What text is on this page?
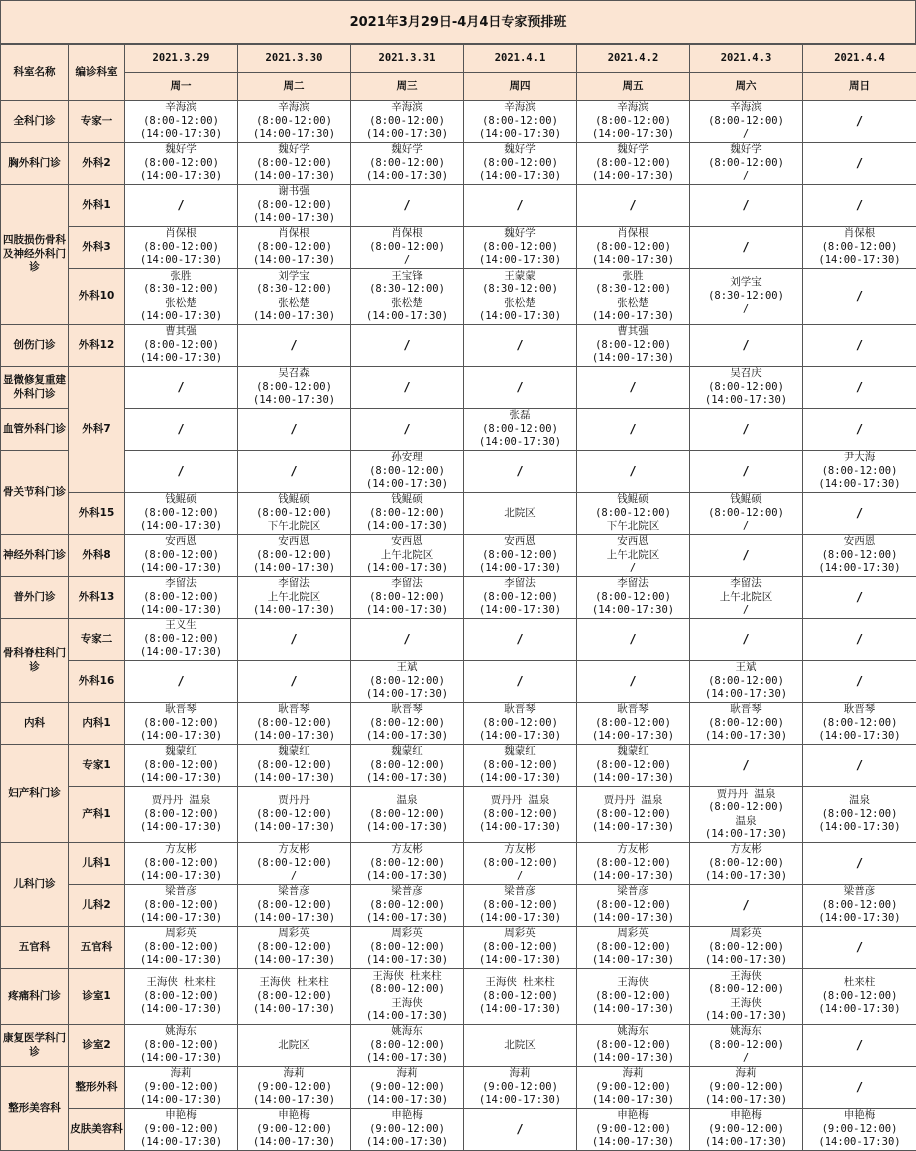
2021年3月29日-4月4日专家预排班
科室名称	编诊科室	2021.3.29	2021.3.30	2021.3.31	2021.4.1	2021.4.2	2021.4.3	2021.4.4
		周一	周二	周三	周四	周五	周六	周日
全科门诊	专家一	辛海滨
(8:00-12:00)
(14:00-17:30)	辛海滨
(8:00-12:00)
(14:00-17:30)	辛海滨
(8:00-12:00)
(14:00-17:30)	辛海滨
(8:00-12:00)
(14:00-17:30)	辛海滨
(8:00-12:00)
(14:00-17:30)	辛海滨
(8:00-12:00)
/	/
胸外科门诊	外科2	魏好学
(8:00-12:00)
(14:00-17:30)	魏好学
(8:00-12:00)
(14:00-17:30)	魏好学
(8:00-12:00)
(14:00-17:30)	魏好学
(8:00-12:00)
(14:00-17:30)	魏好学
(8:00-12:00)
(14:00-17:30)	魏好学
(8:00-12:00)
/	/
四肢损伤骨科及神经外科门诊	外科1	/	谢书强
(8:00-12:00)
(14:00-17:30)	/	/	/	/	/
	外科3	肖保根
(8:00-12:00)
(14:00-17:30)	肖保根
(8:00-12:00)
(14:00-17:30)	肖保根
(8:00-12:00)
/	魏好学
(8:00-12:00)
(14:00-17:30)	肖保根
(8:00-12:00)
(14:00-17:30)	/	肖保根
(8:00-12:00)
(14:00-17:30)
	外科10	张胜
(8:30-12:00)
张松楚
(14:00-17:30)	刘学宝
(8:30-12:00)
张松楚
(14:00-17:30)	王宝锋
(8:30-12:00)
张松楚
(14:00-17:30)	王蒙蒙
(8:30-12:00)
张松楚
(14:00-17:30)	张胜
(8:30-12:00)
张松楚
(14:00-17:30)	刘学宝
(8:30-12:00)
/	/
创伤门诊	外科12	曹其强
(8:00-12:00)
(14:00-17:30)	/	/	/	曹其强
(8:00-12:00)
(14:00-17:30)	/	/
显微修复重建外科门诊	外科7	/	吴召森
(8:00-12:00)
(14:00-17:30)	/	/	/	吴召庆
(8:00-12:00)
(14:00-17:30)	/
血管外科门诊		/	/	/	张磊
(8:00-12:00)
(14:00-17:30)	/	/	/
骨关节科门诊		/	/	孙安理
(8:00-12:00)
(14:00-17:30)	/	/	/	尹大海
(8:00-12:00)
(14:00-17:30)
	外科15	钱鲲硕
(8:00-12:00)
(14:00-17:30)	钱鲲硕
(8:00-12:00)
下午北院区	钱鲲硕
(8:00-12:00)
(14:00-17:30)	北院区	钱鲲硕
(8:00-12:00)
下午北院区	钱鲲硕
(8:00-12:00)
/	/
神经外科门诊	外科8	安西恩
(8:00-12:00)
(14:00-17:30)	安西恩
(8:00-12:00)
(14:00-17:30)	安西恩
上午北院区
(14:00-17:30)	安西恩
(8:00-12:00)
(14:00-17:30)	安西恩
上午北院区
/	/	安西恩
(8:00-12:00)
(14:00-17:30)
普外门诊	外科13	李留法
(8:00-12:00)
(14:00-17:30)	李留法
上午北院区
(14:00-17:30)	李留法
(8:00-12:00)
(14:00-17:30)	李留法
(8:00-12:00)
(14:00-17:30)	李留法
(8:00-12:00)
(14:00-17:30)	李留法
上午北院区
/	/
骨科脊柱科门诊	专家二	王义生
(8:00-12:00)
(14:00-17:30)	/	/	/	/	/	/
	外科16	/	/	王斌
(8:00-12:00)
(14:00-17:30)	/	/	王斌
(8:00-12:00)
(14:00-17:30)	/
内科	内科1	耿晋琴
(8:00-12:00)
(14:00-17:30)	耿晋琴
(8:00-12:00)
(14:00-17:30)	耿晋琴
(8:00-12:00)
(14:00-17:30)	耿晋琴
(8:00-12:00)
(14:00-17:30)	耿晋琴
(8:00-12:00)
(14:00-17:30)	耿晋琴
(8:00-12:00)
(14:00-17:30)	耿晋琴
(8:00-12:00)
(14:00-17:30)
妇产科门诊	专家1	魏蒙红
(8:00-12:00)
(14:00-17:30)	魏蒙红
(8:00-12:00)
(14:00-17:30)	魏蒙红
(8:00-12:00)
(14:00-17:30)	魏蒙红
(8:00-12:00)
(14:00-17:30)	魏蒙红
(8:00-12:00)
(14:00-17:30)	/	/
	产科1	贾丹丹 温泉
(8:00-12:00)
(14:00-17:30)	贾丹丹
(8:00-12:00)
(14:00-17:30)	温泉
(8:00-12:00)
(14:00-17:30)	贾丹丹 温泉
(8:00-12:00)
(14:00-17:30)	贾丹丹 温泉
(8:00-12:00)
(14:00-17:30)	贾丹丹 温泉
(8:00-12:00)
温泉
(14:00-17:30)	温泉
(8:00-12:00)
(14:00-17:30)
儿科门诊	儿科1	方友彬
(8:00-12:00)
(14:00-17:30)	方友彬
(8:00-12:00)
/	方友彬
(8:00-12:00)
(14:00-17:30)	方友彬
(8:00-12:00)
/	方友彬
(8:00-12:00)
(14:00-17:30)	方友彬
(8:00-12:00)
(14:00-17:30)	/
	儿科2	梁普彦
(8:00-12:00)
(14:00-17:30)	梁普彦
(8:00-12:00)
(14:00-17:30)	梁普彦
(8:00-12:00)
(14:00-17:30)	梁普彦
(8:00-12:00)
(14:00-17:30)	梁普彦
(8:00-12:00)
(14:00-17:30)	/	梁普彦
(8:00-12:00)
(14:00-17:30)
五官科	五官科	周彩英
(8:00-12:00)
(14:00-17:30)	周彩英
(8:00-12:00)
(14:00-17:30)	周彩英
(8:00-12:00)
(14:00-17:30)	周彩英
(8:00-12:00)
(14:00-17:30)	周彩英
(8:00-12:00)
(14:00-17:30)	周彩英
(8:00-12:00)
(14:00-17:30)	/
疼痛科门诊	诊室1	王海侠 杜来柱
(8:00-12:00)
(14:00-17:30)	王海侠 杜来柱
(8:00-12:00)
(14:00-17:30)	王海侠 杜来柱
(8:00-12:00)
王海侠
(14:00-17:30)	王海侠 杜来柱
(8:00-12:00)
(14:00-17:30)	王海侠
(8:00-12:00)
(14:00-17:30)	王海侠
(8:00-12:00)
王海侠
(14:00-17:30)	杜来柱
(8:00-12:00)
(14:00-17:30)
康复医学科门诊	诊室2	姚海东
(8:00-12:00)
(14:00-17:30)	北院区	姚海东
(8:00-12:00)
(14:00-17:30)	北院区	姚海东
(8:00-12:00)
(14:00-17:30)	姚海东
(8:00-12:00)
/	/
整形美容科	整形外科	海莉
(9:00-12:00)
(14:00-17:30)	海莉
(9:00-12:00)
(14:00-17:30)	海莉
(9:00-12:00)
(14:00-17:30)	海莉
(9:00-12:00)
(14:00-17:30)	海莉
(9:00-12:00)
(14:00-17:30)	海莉
(9:00-12:00)
(14:00-17:30)	/
	皮肤美容科	申艳梅
(9:00-12:00)
(14:00-17:30)	申艳梅
(9:00-12:00)
(14:00-17:30)	申艳梅
(9:00-12:00)
(14:00-17:30)	/	申艳梅
(9:00-12:00)
(14:00-17:30)	申艳梅
(9:00-12:00)
(14:00-17:30)	申艳梅
(9:00-12:00)
(14:00-17:30)
